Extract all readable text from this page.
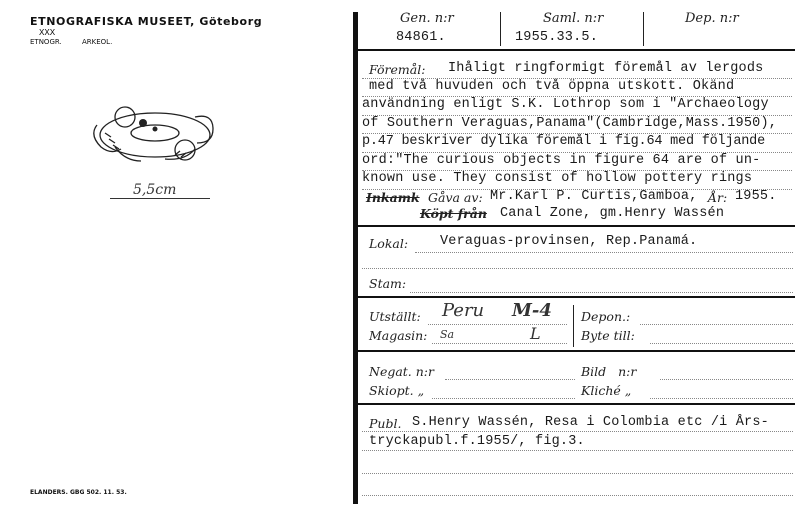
ETNOGRAFISKA MUSEET, Göteborg
XXX
ETNOGR.	ARKEOL.
5,5cm
ELANDERS. GBG 502. 11. 53.
Gen. n:r
84861.
Saml. n:r
1955.33.5.
Dep. n:r
Föremål: Ihåligt ringformigt föremål av lergods
med två huvuden och två öppna utskott. Okänd
användning enligt S.K. Lothrop som i "Archaeology
of Southern Veraguas,Panama"(Cambridge,Mass.1950),
p.47 beskriver dylika föremål i fig.64 med följande
ord:"The curious objects in figure 64 are of un-
known use. They consist of hollow pottery rings
Inkamk Gåva av: Mr.Karl P. Curtis,Gamboa, År: 1955.
Köpt från Canal Zone, gm.Henry Wassén
Lokal: Veraguas-provinsen, Rep.Panamá.
Stam:
Utställt: Peru M-4
Magasin: Sa	L
Depon.:
Byte till:
Negat. n:r	Bild   n:r
Skiopt. „	Kliché „
Publ. S.Henry Wassén, Resa i Colombia etc /i Års-
tryckapubl.f.1955/, fig.3.
